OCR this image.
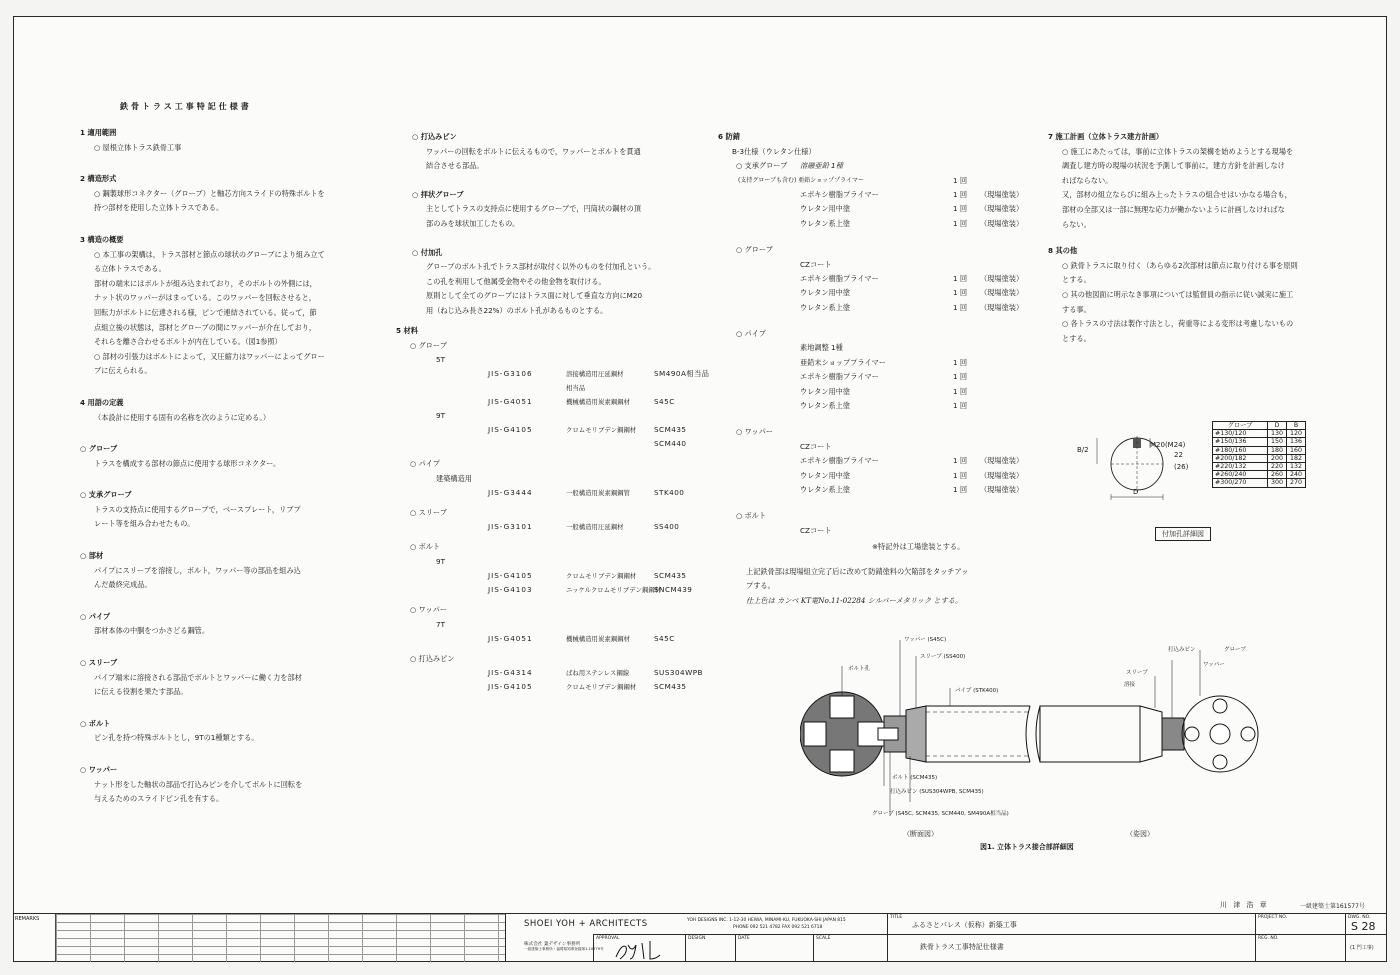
鉄骨トラス工事特記仕様書
1 適用範囲
○ 屋根立体トラス鉄骨工事
2 構造形式
○ 鋼製球形コネクター（グローブ）と軸芯方向スライドの特殊ボルトを
持つ部材を使用した立体トラスである。
3 構造の概要
○ 本工事の架構は，トラス部材と節点の球状のグローブにより組み立て
る立体トラスである。
部材の端末にはボルトが組み込まれており，そのボルトの外側には，
ナット状のワッパーがはまっている。このワッパーを回転させると，
回転力がボルトに伝達される様，ピンで連結されている。従って，節
点組立後の状態は，部材とグローブの間にワッパーが介在しており，
それらを離さ合わせるボルトが内在している。（図1参照）
○ 部材の引張力はボルトによって，又圧縮力はワッパーによってグロー
ブに伝えられる。
4 用語の定義
（本設計に使用する固有の名称を次のように定める。）
○ グローブ
トラスを構成する部材の節点に使用する球形コネクター。
○ 支承グローブ
トラスの支持点に使用するグローブで，ベースプレート，リブプ
レート等を組み合わせたもの。
○ 部材
パイプにスリーブを溶接し，ボルト，ワッパー等の部品を組み込
んだ最終完成品。
○ パイプ
部材本体の中胴をつかさどる鋼管。
○ スリーブ
パイプ端末に溶接される部品でボルトとワッパーに働く力を部材
に伝える役割を果たす部品。
○ ボルト
ピン孔を持つ特殊ボルトとし，9Tの1種類とする。
○ ワッパー
ナット形をした軸状の部品で打込みピンを介してボルトに回転を
与えるためのスライドピン孔を有する。
○ 打込みピン
ワッパーの回転をボルトに伝えるもので，ワッパーとボルトを貫通
結合させる部品。
○ 拝状グローブ
主としてトラスの支持点に使用するグローブで，円筒状の鋼材の頂
部のみを球状加工したもの。
○ 付加孔
グローブのボルト孔でトラス部材が取付く以外のものを付加孔という。
この孔を利用して他属受金物やその他金物を取付ける。
原則として全てのグローブにはトラス面に対して垂直な方向にM20
用（ねじ込み長さ22%）のボルト孔があるものとする。
5 材料
○ グローブ
5T
JIS-G3106	溶接構造用圧延鋼材	SM490A相当品
相当品
JIS-G4051	機械構造用炭素鋼鋼材	S45C
9T
JIS-G4105	クロムモリブデン鋼鋼材	SCM435
SCM440
○ パイプ
建築構造用
JIS-G3444	一般構造用炭素鋼鋼管	STK400
○ スリーブ
JIS-G3101	一般構造用圧延鋼材	SS400
○ ボルト
9T
JIS-G4105	クロムモリブデン鋼鋼材	SCM435
JIS-G4103	ニッケルクロムモリブデン鋼鋼材
SNCM439
○ ワッパー
7T
JIS-G4051	機械構造用炭素鋼鋼材	S45C
○ 打込みピン
JIS-G4314	ばね用ステンレス鋼線	SUS304WPB
JIS-G4105	クロムモリブデン鋼鋼材	SCM435
6 防錆
B-3仕様（ウレタン仕様）
○ 支承グローブ	溶融亜鉛 1種
(支持グローブも含む) 亜鉛ショッププライマー	1 回
エポキシ樹脂プライマー	1 回	（現場塗装）
ウレタン用中塗	1 回	（現場塗装）
ウレタン系上塗	1 回	（現場塗装）
○ グローブ
CZコート
エポキシ樹脂プライマー	1 回	（現場塗装）
ウレタン用中塗	1 回	（現場塗装）
ウレタン系上塗	1 回	（現場塗装）
○ パイプ
素地調整 1種
亜鉛末ショッププライマー	1 回
エポキシ樹脂プライマー	1 回
ウレタン用中塗	1 回
ウレタン系上塗	1 回
○ ワッパー
CZコート
エポキシ樹脂プライマー	1 回	（現場塗装）
ウレタン用中塗	1 回	（現場塗装）
ウレタン系上塗	1 回	（現場塗装）
○ ボルト
CZコート
※特記外は工場塗装とする。
上記鉄骨部は現場組立完了后に改めて防錆塗料の欠陥部をタッチアッ
プする。
仕上色は カンペ KT電No.11-02284 シルバーメタリック とする。
7 施工計画（立体トラス建方計画）
○ 施工にあたっては，事前に立体トラスの架構を始めようとする現場を
調査し建方時の現場の状況を予測して事前に，建方方針を計画しなけ
ればならない。
又，部材の組立ならびに組み上ったトラスの組合せはいかなる場合も，
部材の全部又は一部に無理な応力が働かないように計画しなければな
らない。
8 其の他
○ 鉄骨トラスに取り付く（あらゆる2次部材は節点に取り付ける事を原則
とする。
○ 其の他図面に明示なき事項については監督員の指示に従い誠実に施工
する事。
○ 各トラスの寸法は製作寸法とし，荷重等による変形は考慮しないもの
とする。
M20(M24)
22
(26)
B/2
D
グローブ	D	B
#130/120	130	120
#150/136	150	136
#180/160	180	160
#200/182	200	182
#220/132	220	132
#260/240	260	240
#300/270	300	270
付加孔詳細図
ボルト孔
ワッパー (S45C)
スリーブ (SS400)
パイプ (STK400)
ボルト (SCM435)
打込みピン (SUS304WPB, SCM435)
グローブ (S45C, SCM435, SCM440, SM490A相当品)
打込みピン
ワッパー
グローブ
スリーブ
溶接
（断面図）	（姿図）
図1. 立体トラス接合部詳細図
川 津 浩 章	一級建築士第161577号
REMARKS	SHOEI YOH + ARCHITECTS
株式会社 葉デザイン事務所
一級建築士事務所・福岡県知事登録第1-10779号
YOH DESIGNS INC. 1-12-30 HEIWA, MINAMI-KU, FUKUOKA-SHI JAPAN 815
PHONE 092 521 4782 FAX 092 521 6718
APPROVAL	DESIGN	DATE	SCALE
TITLE
ふるさとパレス（仮称）新築工事
鉄骨トラス工事特記仕様書
PROJECT NO.
REG. NO.
DWG. NO.
S 28
(1 門工事)
